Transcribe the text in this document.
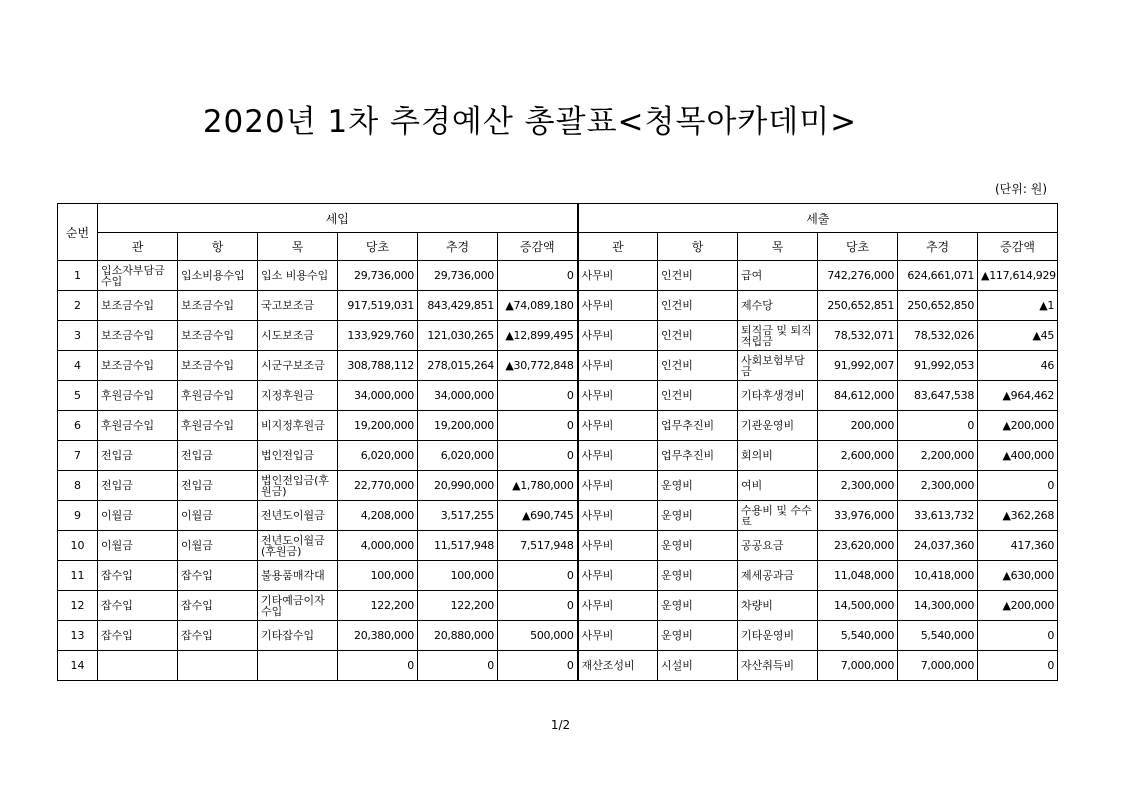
2020년 1차 추경예산 총괄표<청목아카데미>
(단위: 원)
순번	세입						세출					
	관	항	목	당초	추경	증감액	관	항	목	당초	추경	증감액
1	입소자부담금수입	입소비용수입	입소 비용수입	29,736,000	29,736,000	0	사무비	인건비	급여	742,276,000	624,661,071	▲117,614,929
2	보조금수입	보조금수입	국고보조금	917,519,031	843,429,851	▲74,089,180	사무비	인건비	제수당	250,652,851	250,652,850	▲1
3	보조금수입	보조금수입	시도보조금	133,929,760	121,030,265	▲12,899,495	사무비	인건비	퇴직금 및 퇴직적립금	78,532,071	78,532,026	▲45
4	보조금수입	보조금수입	시군구보조금	308,788,112	278,015,264	▲30,772,848	사무비	인건비	사회보험부담금	91,992,007	91,992,053	46
5	후원금수입	후원금수입	지정후원금	34,000,000	34,000,000	0	사무비	인건비	기타후생경비	84,612,000	83,647,538	▲964,462
6	후원금수입	후원금수입	비지정후원금	19,200,000	19,200,000	0	사무비	업무추진비	기관운영비	200,000	0	▲200,000
7	전입금	전입금	법인전입금	6,020,000	6,020,000	0	사무비	업무추진비	회의비	2,600,000	2,200,000	▲400,000
8	전입금	전입금	법인전입금(후원금)	22,770,000	20,990,000	▲1,780,000	사무비	운영비	여비	2,300,000	2,300,000	0
9	이월금	이월금	전년도이월금	4,208,000	3,517,255	▲690,745	사무비	운영비	수용비 및 수수료	33,976,000	33,613,732	▲362,268
10	이월금	이월금	전년도이월금(후원금)	4,000,000	11,517,948	7,517,948	사무비	운영비	공공요금	23,620,000	24,037,360	417,360
11	잡수입	잡수입	불용품매각대	100,000	100,000	0	사무비	운영비	제세공과금	11,048,000	10,418,000	▲630,000
12	잡수입	잡수입	기타예금이자수입	122,200	122,200	0	사무비	운영비	차량비	14,500,000	14,300,000	▲200,000
13	잡수입	잡수입	기타잡수입	20,380,000	20,880,000	500,000	사무비	운영비	기타운영비	5,540,000	5,540,000	0
14				0	0	0	재산조성비	시설비	자산취득비	7,000,000	7,000,000	0
1/2
